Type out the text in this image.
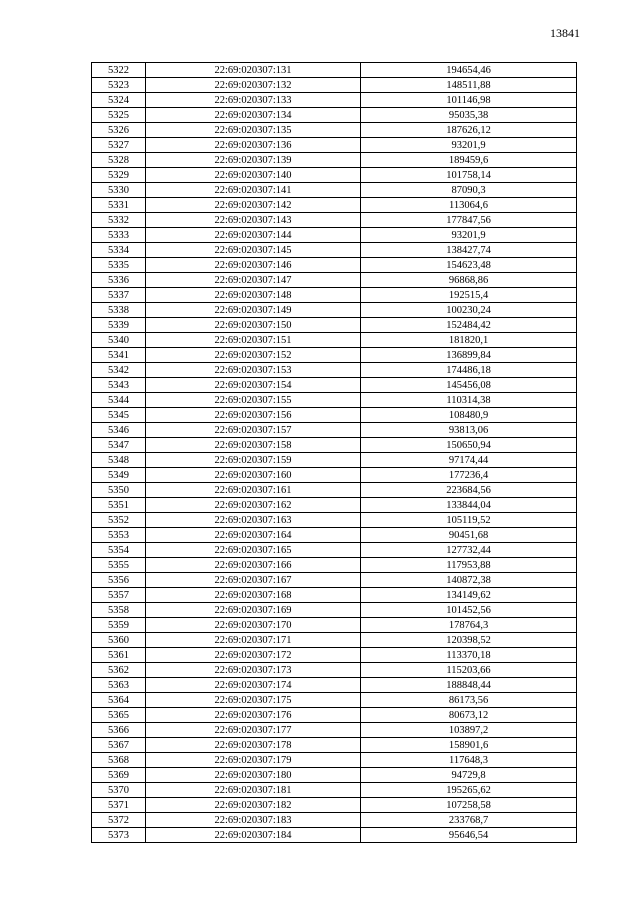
13841
5322	22:69:020307:131	194654,46
5323	22:69:020307:132	148511,88
5324	22:69:020307:133	101146,98
5325	22:69:020307:134	95035,38
5326	22:69:020307:135	187626,12
5327	22:69:020307:136	93201,9
5328	22:69:020307:139	189459,6
5329	22:69:020307:140	101758,14
5330	22:69:020307:141	87090,3
5331	22:69:020307:142	113064,6
5332	22:69:020307:143	177847,56
5333	22:69:020307:144	93201,9
5334	22:69:020307:145	138427,74
5335	22:69:020307:146	154623,48
5336	22:69:020307:147	96868,86
5337	22:69:020307:148	192515,4
5338	22:69:020307:149	100230,24
5339	22:69:020307:150	152484,42
5340	22:69:020307:151	181820,1
5341	22:69:020307:152	136899,84
5342	22:69:020307:153	174486,18
5343	22:69:020307:154	145456,08
5344	22:69:020307:155	110314,38
5345	22:69:020307:156	108480,9
5346	22:69:020307:157	93813,06
5347	22:69:020307:158	150650,94
5348	22:69:020307:159	97174,44
5349	22:69:020307:160	177236,4
5350	22:69:020307:161	223684,56
5351	22:69:020307:162	133844,04
5352	22:69:020307:163	105119,52
5353	22:69:020307:164	90451,68
5354	22:69:020307:165	127732,44
5355	22:69:020307:166	117953,88
5356	22:69:020307:167	140872,38
5357	22:69:020307:168	134149,62
5358	22:69:020307:169	101452,56
5359	22:69:020307:170	178764,3
5360	22:69:020307:171	120398,52
5361	22:69:020307:172	113370,18
5362	22:69:020307:173	115203,66
5363	22:69:020307:174	188848,44
5364	22:69:020307:175	86173,56
5365	22:69:020307:176	80673,12
5366	22:69:020307:177	103897,2
5367	22:69:020307:178	158901,6
5368	22:69:020307:179	117648,3
5369	22:69:020307:180	94729,8
5370	22:69:020307:181	195265,62
5371	22:69:020307:182	107258,58
5372	22:69:020307:183	233768,7
5373	22:69:020307:184	95646,54
